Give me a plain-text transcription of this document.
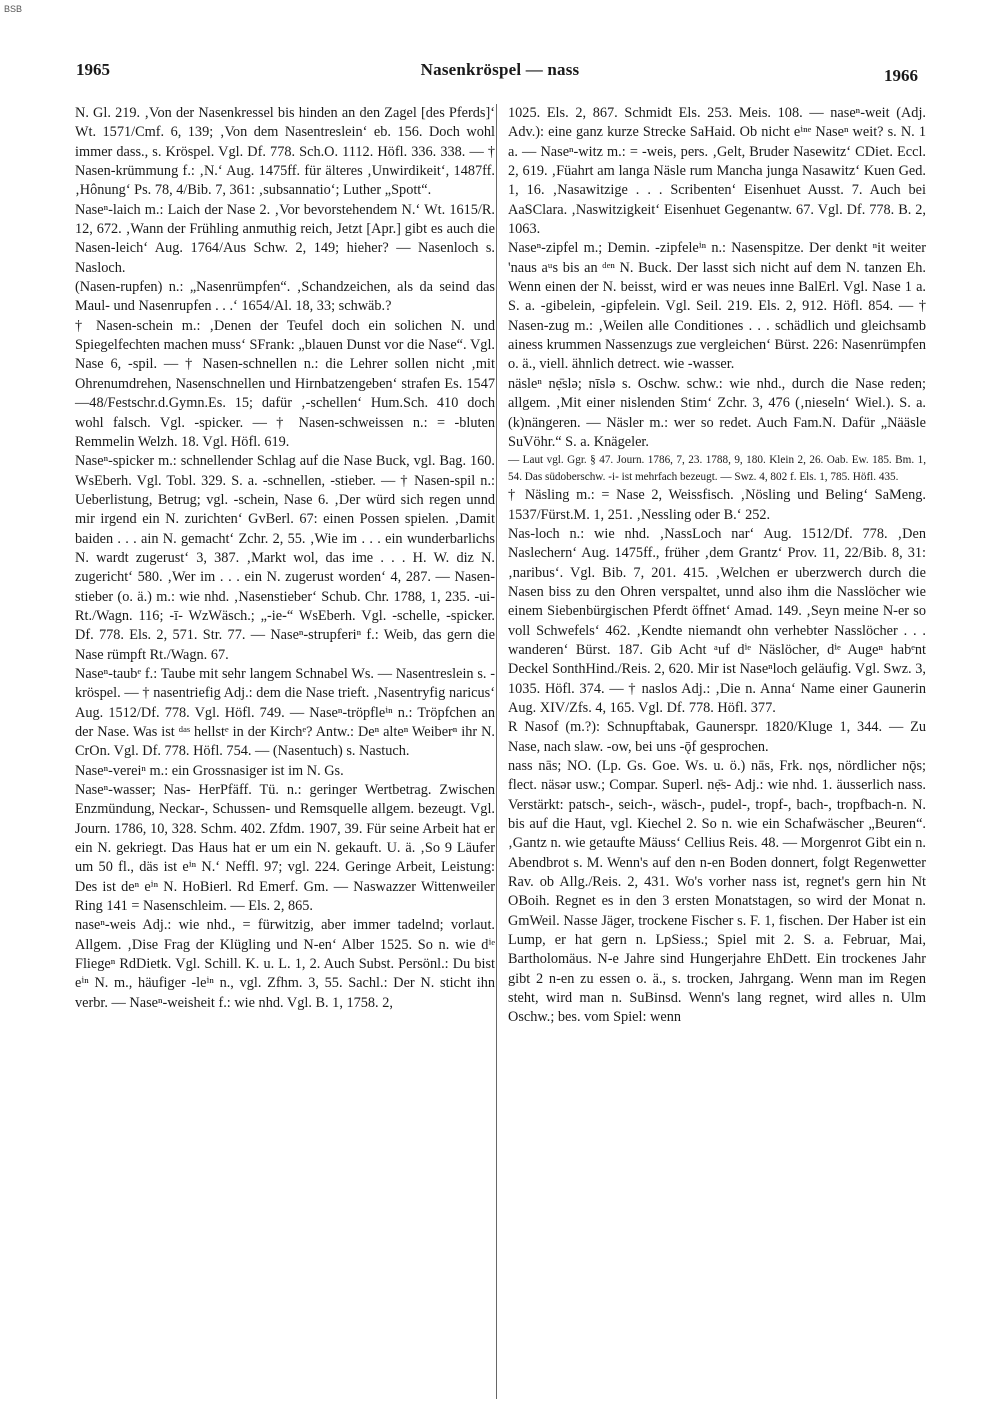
BSB
1965	Nasenkröspel — nass	1966

N. Gl. 219. ‚Von der Nasenkressel bis hinden an den Zagel [des Pferds]‘ Wt. 1571/Cmf. 6, 139; ‚Von dem Nasentreslein‘ eb. 156. Doch wohl immer dass., s. Kröspel. Vgl. Df. 778. Sch.O. 1112. Höfl. 336. 338. — † Nasen-krümmung f.: ‚N.‘ Aug. 1475ff. für älteres ‚Unwirdikeit‘, 1487ff. ‚Hônung‘ Ps. 78, 4/Bib. 7, 361: ‚subsannatio‘; Luther „Spott“.

Naseⁿ-laich m.: Laich der Nase 2. ‚Vor bevorstehendem N.‘ Wt. 1615/R. 12, 672. ‚Wann der Frühling anmuthig reich, Jetzt [Apr.] gibt es auch die Nasen-leich‘ Aug. 1764/Aus Schw. 2, 149; hieher? — Nasenloch s. Nasloch.

(Nasen-rupfen) n.: „Nasenrümpfen“. ‚Schandzeichen, als da seind das Maul- und Nasenrupfen . . .‘ 1654/Al. 18, 33; schwäb.?

† Nasen-schein m.: ‚Denen der Teufel doch ein solichen N. und Spiegelfechten machen muss‘ SFrank: „blauen Dunst vor die Nase“. Vgl. Nase 6, -spil. — † Nasen-schnellen n.: die Lehrer sollen nicht ‚mit Ohrenumdrehen, Nasenschnellen und Hirnbatzengeben‘ strafen Es. 1547—48/Festschr.d.Gymn.Es. 15; dafür ‚-schellen‘ Hum.Sch. 410 doch wohl falsch. Vgl. -spicker. — † Nasen-schweissen n.: = -bluten Remmelin Welzh. 18. Vgl. Höfl. 619.

Naseⁿ-spicker m.: schnellender Schlag auf die Nase Buck, vgl. Bag. 160. WsEberh. Vgl. Tobl. 329. S. a. -schnellen, -stieber. — † Nasen-spil n.: Ueberlistung, Betrug; vgl. -schein, Nase 6. ‚Der würd sich regen unnd mir irgend ein N. zurichten‘ GvBerl. 67: einen Possen spielen. ‚Damit baiden . . . ain N. gemacht‘ Zchr. 2, 55. ‚Wie im . . . ein wunderbarlichs N. wardt zugerust‘ 3, 387. ‚Markt wol, das ime . . . H. W. diz N. zugericht‘ 580. ‚Wer im . . . ein N. zugerust worden‘ 4, 287. — Nasen-stieber (o. ä.) m.: wie nhd. ‚Nasenstieber‘ Schub. Chr. 1788, 1, 235. -ui- Rt./Wagn. 116; -ī- WzWäsch.; „-ie-“ WsEberh. Vgl. -schelle, -spicker. Df. 778. Els. 2, 571. Str. 77. — Naseⁿ-strupferiⁿ f.: Weib, das gern die Nase rümpft Rt./Wagn. 67.

Naseⁿ-taubᵉ f.: Taube mit sehr langem Schnabel Ws. — Nasentreslein s. -kröspel. — † nasentriefig Adj.: dem die Nase trieft. ‚Nasentryfig naricus‘ Aug. 1512/Df. 778. Vgl. Höfl. 749. — Naseⁿ-tröpfleⁱⁿ n.: Tröpfchen an der Nase. Was ist ᵈᵃˢ hellstᵉ in der Kirchᵉ? Antw.: Deⁿ alteⁿ Weiberⁿ ihr N. CrOn. Vgl. Df. 778. Höfl. 754. — (Nasentuch) s. Nastuch.

Naseⁿ-vereiⁿ m.: ein Grossnasiger ist im N. Gs.

Naseⁿ-wasser; Nas- HerPfäff. Tü. n.: geringer Wertbetrag. Zwischen Enzmündung, Neckar-, Schussen- und Remsquelle allgem. bezeugt. Vgl. Journ. 1786, 10, 328. Schm. 402. Zfdm. 1907, 39. Für seine Arbeit hat er ein N. gekriegt. Das Haus hat er um ein N. gekauft. U. ä. ‚So 9 Läufer um 50 fl., däs ist eⁱⁿ N.‘ Neffl. 97; vgl. 224. Geringe Arbeit, Leistung: Des ist deⁿ eⁱⁿ N. HoBierl. Rd Emerf. Gm. — Naswazzer Wittenweiler Ring 141 = Nasenschleim. — Els. 2, 865.

naseⁿ-weis Adj.: wie nhd., = fürwitzig, aber immer tadelnd; vorlaut. Allgem. ‚Dise Frag der Klügling und N-en‘ Alber 1525. So n. wie dⁱᵉ Fliegeⁿ RdDietk. Vgl. Schill. K. u. L. 1, 2. Auch Subst. Persönl.: Du bist eⁱⁿ N. m., häufiger -leⁱⁿ n., vgl. Zfhm. 3, 55. Sachl.: Der N. sticht ihn verbr. — Naseⁿ-weisheit f.: wie nhd. Vgl. B. 1, 1758. 2,

1025. Els. 2, 867. Schmidt Els. 253. Meis. 108. — naseⁿ-weit (Adj. Adv.): eine ganz kurze Strecke SaHaid. Ob nicht eⁱⁿᵉ Naseⁿ weit? s. N. 1 a. — Naseⁿ-witz m.: = -weis, pers. ‚Gelt, Bruder Nasewitz‘ CDiet. Eccl. 2, 619. ‚Füahrt am langa Näsle rum Mancha junga Nasawitz‘ Kuen Ged. 1, 16. ‚Nasawitzige . . . Scribenten‘ Eisenhuet Ausst. 7. Auch bei AaSClara. ‚Naswitzigkeit‘ Eisenhuet Gegenantw. 67. Vgl. Df. 778. B. 2, 1063.

Naseⁿ-zipfel m.; Demin. -zipfeleⁱⁿ n.: Nasenspitze. Der denkt ⁿit weiter 'naus aᵘs bis an ᵈᵉⁿ N. Buck. Der lasst sich nicht auf dem N. tanzen Eh. Wenn einen der N. beisst, wird er was neues inne BalErl. Vgl. Nase 1 a. S. a. -gibelein, -gipfelein. Vgl. Seil. 219. Els. 2, 912. Höfl. 854. — † Nasen-zug m.: ‚Weilen alle Conditiones . . . schädlich und gleichsamb ainess krummen Nassenzugs zue vergleichen‘ Bürst. 226: Nasenrümpfen o. ä., viell. ähnlich detrect. wie -wasser.

näsleⁿ nẹ̄slə; nīslə s. Oschw. schw.: wie nhd., durch die Nase reden; allgem. ‚Mit einer nislenden Stim‘ Zchr. 3, 476 (‚nieseln‘ Wiel.). S. a. (k)nängeren. — Näsler m.: wer so redet. Auch Fam.N. Dafür „Nääsle SuVöhr.“ S. a. Knägeler.

— Laut vgl. Ggr. § 47. Journ. 1786, 7, 23. 1788, 9, 180. Klein 2, 26. Oab. Ew. 185. Bm. 1, 54. Das südoberschw. -i- ist mehrfach bezeugt. — Swz. 4, 802 f. Els. 1, 785. Höfl. 435.

† Näsling m.: = Nase 2, Weissfisch. ‚Nösling und Beling‘ SaMeng. 1537/Fürst.M. 1, 251. ‚Nessling oder B.‘ 252.

Nas-loch n.: wie nhd. ‚NassLoch nar‘ Aug. 1512/Df. 778. ‚Den Naslechern‘ Aug. 1475ff., früher ‚dem Grantz‘ Prov. 11, 22/Bib. 8, 31: ‚naribus‘. Vgl. Bib. 7, 201. 415. ‚Welchen er uberzwerch durch die Nasen biss zu den Ohren verspaltet, unnd also ihm die Nasslöcher wie einem Siebenbürgischen Pferdt öffnet‘ Amad. 149. ‚Seyn meine N-er so voll Schwefels‘ 462. ‚Kendte niemandt ohn verhebter Nasslöcher . . . wanderen‘ Bürst. 187. Gib Acht ᵃuf dⁱᵉ Näslöcher, dⁱᵉ Augeⁿ habᵉnt Deckel SonthHind./Reis. 2, 620. Mir ist Naseⁿloch geläufig. Vgl. Swz. 3, 1035. Höfl. 374. — † naslos Adj.: ‚Die n. Anna‘ Name einer Gaunerin Aug. XIV/Zfs. 4, 165. Vgl. Df. 778. Höfl. 377.

R Nasof (m.?): Schnupftabak, Gaunerspr. 1820/Kluge 1, 344. — Zu Nase, nach slaw. -ow, bei uns -ǭf gesprochen.

nass nās; NO. (Lp. Gs. Goe. Ws. u. ö.) nās, Frk. nǫs, nördlicher nǭs; flect. näsər usw.; Compar. Superl. nẹ̄s- Adj.: wie nhd. 1. äusserlich nass. Verstärkt: patsch-, seich-, wäsch-, pudel-, tropf-, bach-, tropfbach-n. N. bis auf die Haut, vgl. Kiechel 2. So n. wie ein Schafwäscher „Beuren“. ‚Gantz n. wie getaufte Mäuss‘ Cellius Reis. 48. — Morgenrot Gibt ein n. Abendbrot s. M. Wenn's auf den n-en Boden donnert, folgt Regenwetter Rav. ob Allg./Reis. 2, 431. Wo's vorher nass ist, regnet's gern hin Nt OBoih. Regnet es in den 3 ersten Monatstagen, so wird der Monat n. GmWeil. Nasse Jäger, trockene Fischer s. F. 1, fischen. Der Haber ist ein Lump, er hat gern n. LpSiess.; Spiel mit 2. S. a. Februar, Mai, Bartholomäus. N-e Jahre sind Hungerjahre EhDett. Ein trockenes Jahr gibt 2 n-en zu essen o. ä., s. trocken, Jahrgang. Wenn man im Regen steht, wird man n. SuBinsd. Wenn's lang regnet, wird alles n. Ulm Oschw.; bes. vom Spiel: wenn
